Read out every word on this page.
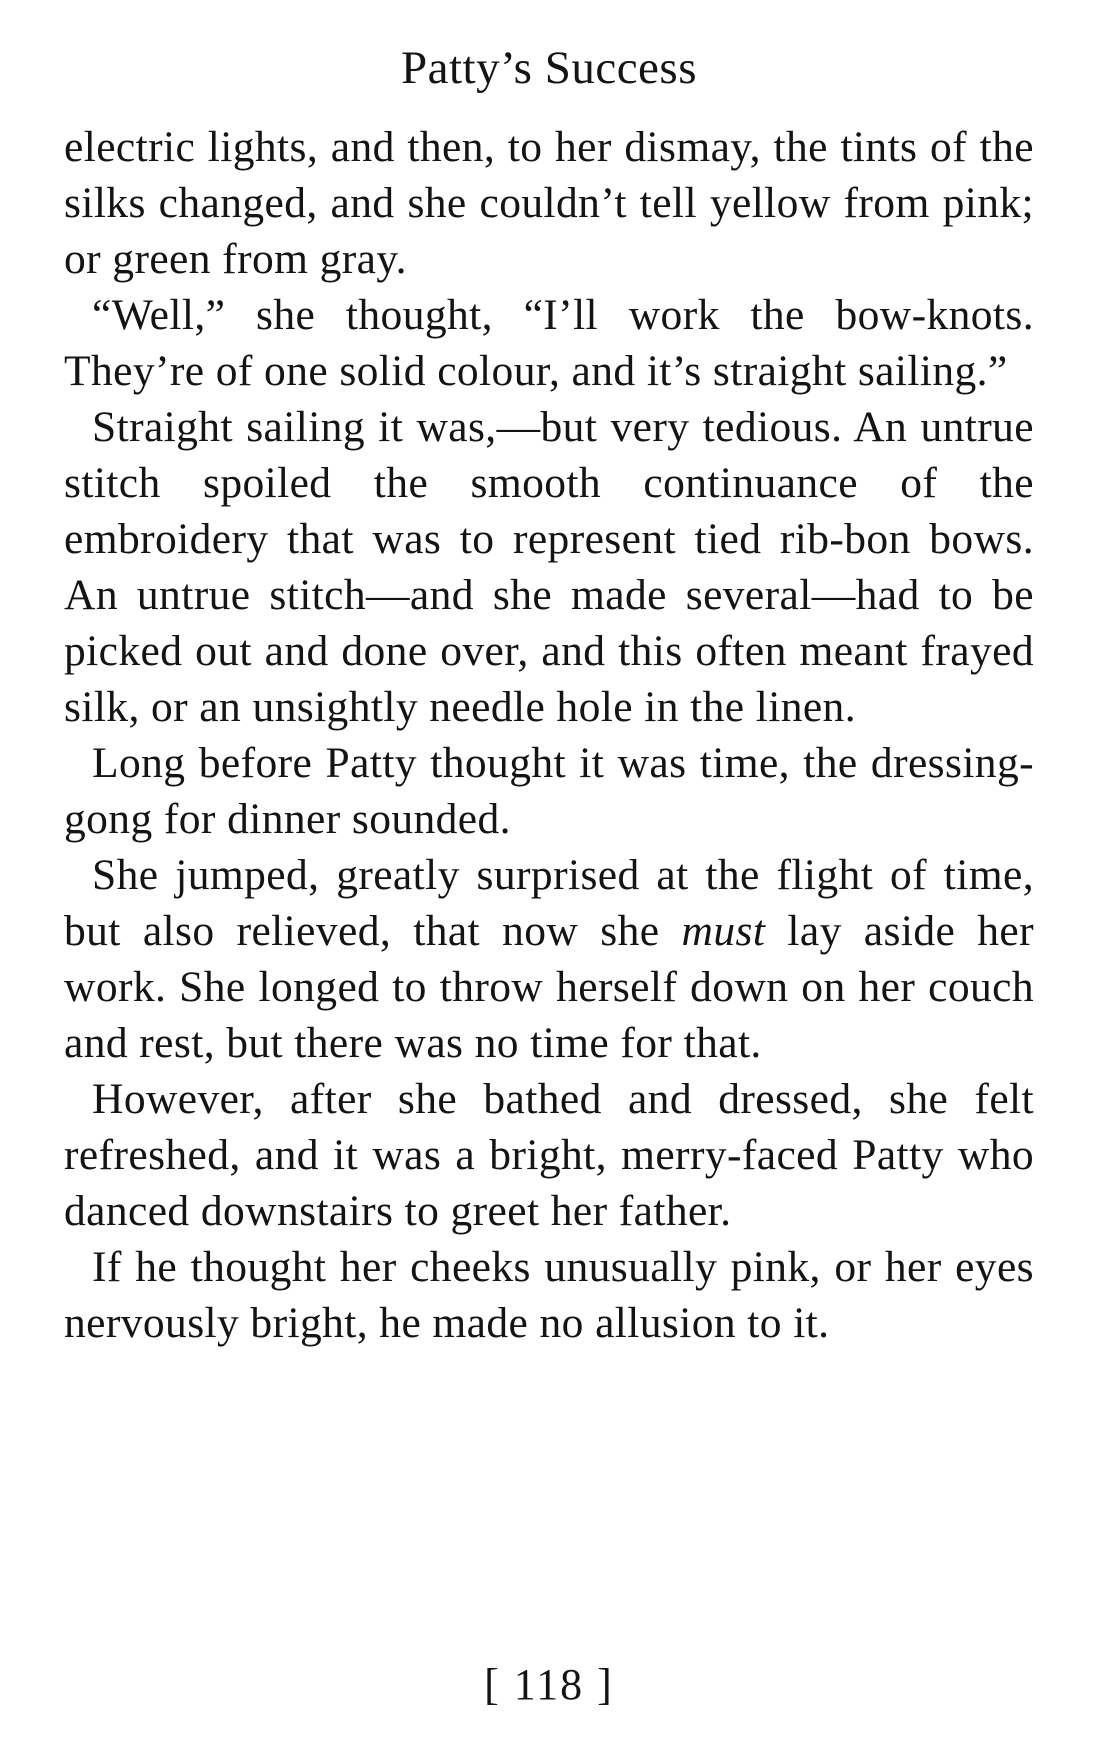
Patty’s Success

electric lights, and then, to her dismay, the tints of the silks changed, and she couldn’t tell yellow from pink; or green from gray.

“Well,” she thought, “I’ll work the bow-knots. They’re of one solid colour, and it’s straight sailing.”

Straight sailing it was,—but very tedious. An untrue stitch spoiled the smooth continuance of the embroidery that was to represent tied rib-bon bows. An untrue stitch—and she made several—had to be picked out and done over, and this often meant frayed silk, or an unsightly needle hole in the linen.

Long before Patty thought it was time, the dressing-gong for dinner sounded.

She jumped, greatly surprised at the flight of time, but also relieved, that now she must lay aside her work. She longed to throw herself down on her couch and rest, but there was no time for that.

However, after she bathed and dressed, she felt refreshed, and it was a bright, merry-faced Patty who danced downstairs to greet her father.

If he thought her cheeks unusually pink, or her eyes nervously bright, he made no allusion to it.

[ 118 ]
